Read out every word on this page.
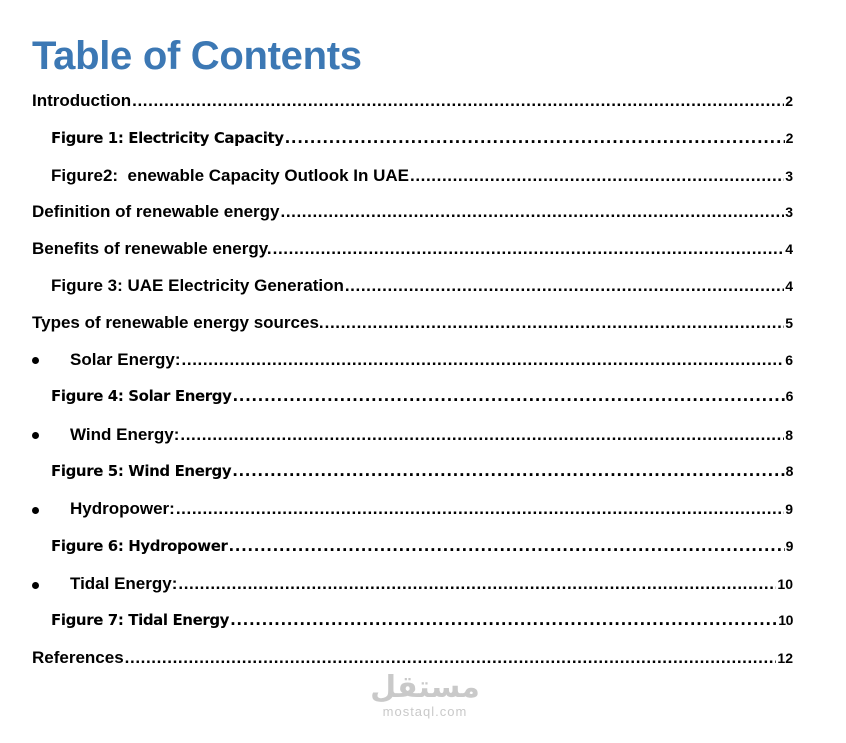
Table of Contents
Introduction .....	2
Figure 1: Electricity Capacity .....	2
Figure2:  enewable Capacity Outlook In UAE .....	3
Definition of renewable energy .....	3
Benefits of renewable energy. .....	4
Figure 3: UAE Electricity Generation .....	4
Types of renewable energy sources. .....	5
Solar Energy: .....	6
Figure 4: Solar Energy .....	6
Wind Energy: .....	8
Figure 5: Wind Energy .....	8
Hydropower: .....	9
Figure 6: Hydropower .....	9
Tidal Energy: .....	10
Figure 7: Tidal Energy .....	10
References .....	12
مستقل
mostaql.com
